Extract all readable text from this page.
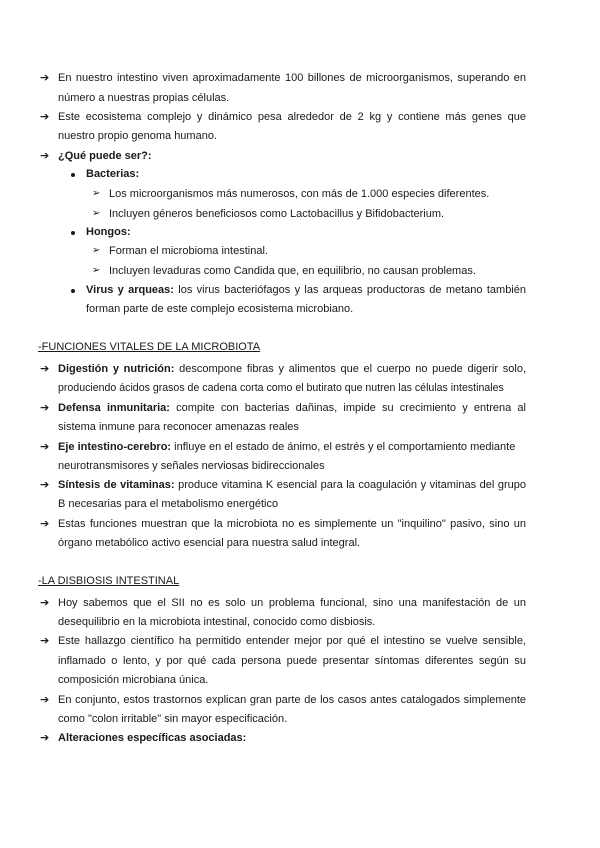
➔ En nuestro intestino viven aproximadamente 100 billones de microorganismos, superando en
número a nuestras propias células.
➔ Este ecosistema complejo y dinámico pesa alrededor de 2 kg y contiene más genes que
nuestro propio genoma humano.
➔ ¿Qué puede ser?:
Bacterias:
➢ Los microorganismos más numerosos, con más de 1.000 especies diferentes.
➢ Incluyen géneros beneficiosos como Lactobacillus y Bifidobacterium.
Hongos:
➢ Forman el microbioma intestinal.
➢ Incluyen levaduras como Candida que, en equilibrio, no causan problemas.
Virus y arqueas: los virus bacteriófagos y las arqueas productoras de metano también
forman parte de este complejo ecosistema microbiano.
-FUNCIONES VITALES DE LA MICROBIOTA
➔ Digestión y nutrición: descompone fibras y alimentos que el cuerpo no puede digerir solo,
produciendo ácidos grasos de cadena corta como el butirato que nutren las células intestinales
➔ Defensa inmunitaria: compite con bacterias dañinas, impide su crecimiento y entrena al
sistema inmune para reconocer amenazas reales
➔ Eje intestino-cerebro: influye en el estado de ánimo, el estrés y el comportamiento mediante
neurotransmisores y señales nerviosas bidireccionales
➔ Síntesis de vitaminas: produce vitamina K esencial para la coagulación y vitaminas del grupo
B necesarias para el metabolismo energético
➔ Estas funciones muestran que la microbiota no es simplemente un "inquilino" pasivo, sino un
órgano metabólico activo esencial para nuestra salud integral.
-LA DISBIOSIS INTESTINAL
➔ Hoy sabemos que el SII no es solo un problema funcional, sino una manifestación de un
desequilibrio en la microbiota intestinal, conocido como disbiosis.
➔ Este hallazgo científico ha permitido entender mejor por qué el intestino se vuelve sensible,
inflamado o lento, y por qué cada persona puede presentar síntomas diferentes según su
composición microbiana única.
➔ En conjunto, estos trastornos explican gran parte de los casos antes catalogados simplemente
como "colon irritable" sin mayor especificación.
➔ Alteraciones específicas asociadas:
